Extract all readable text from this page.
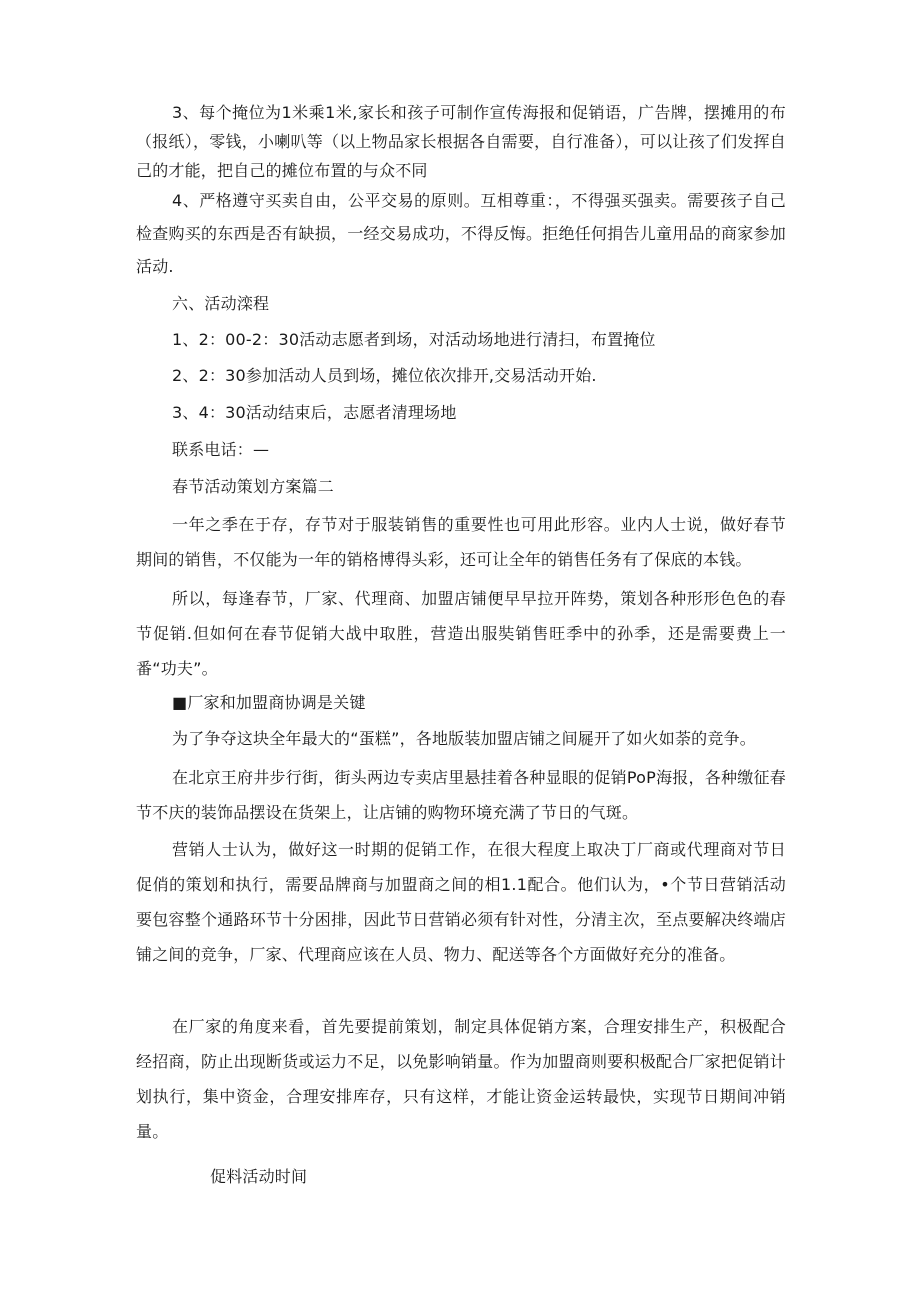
3、每个掩位为1米乘1米,家长和孩子可制作宣传海报和促销语，广告牌，摆摊用的布（报纸），零钱，小喇叭等（以上物品家长根据各自需要，自行准备），可以让孩了们发挥自己的才能，把自己的摊位布置的与众不同

4、严格遵守买卖自由，公平交易的原则。互相尊重：，不得强买强卖。需要孩子自己检查购买的东西是否有缺损，一经交易成功，不得反悔。拒绝任何捐告儿童用品的商家参加活动.

六、活动滦程

1、2：00-2：30活动志愿者到场，对活动场地进行清扫，布置掩位

2、2：30参加活动人员到场，摊位依次排开,交易活动开始.

3、4：30活动结束后，志愿者清理场地

联系电话：—

春节活动策划方案篇二

一年之季在于存，存节对于服装销售的重要性也可用此形容。业内人士说，做好春节期间的销售，不仅能为一年的销格博得头彩，还可让全年的销售任务有了保底的本钱。

所以，每逢春节，厂家、代理商、加盟店铺便早早拉开阵势，策划各种形形色色的春节促销.但如何在春节促销大战中取胜，营造出服奘销售旺季中的孙季，还是需要费上一番“功夫”。

■厂家和加盟商协调是关键

为了争夺这块全年最大的“蛋糕”，各地版装加盟店铺之间屣开了如火如荼的竞争。

在北京王府井步行街，街头两边专卖店里悬挂着各种显眼的促销PoP海报，各种缴征春节不庆的装饰品摆设在货架上，让店铺的购物环境充满了节日的气斑。

营销人士认为，做好这一时期的促销工作，在很大程度上取决丁厂商或代理商对节日促俏的策划和执行，需要品牌商与加盟商之间的相1.1配合。他们认为，•个节日营销活动要包容整个通路环节十分困排，因此节日营销必须有针对性，分清主次，至点要解决终端店铺之间的竞争，厂家、代理商应该在人员、物力、配送等各个方面做好充分的准备。

在厂家的角度来看，首先要提前策划，制定具体促销方案，合理安排生产，积极配合经招商，防止出现断货或运力不足，以免影响销量。作为加盟商则要积极配合厂家把促销计划执行，集中资金，合理安排库存，只有这样，才能让资金运转最快，实现节日期间冲销量。

促料活动时间
